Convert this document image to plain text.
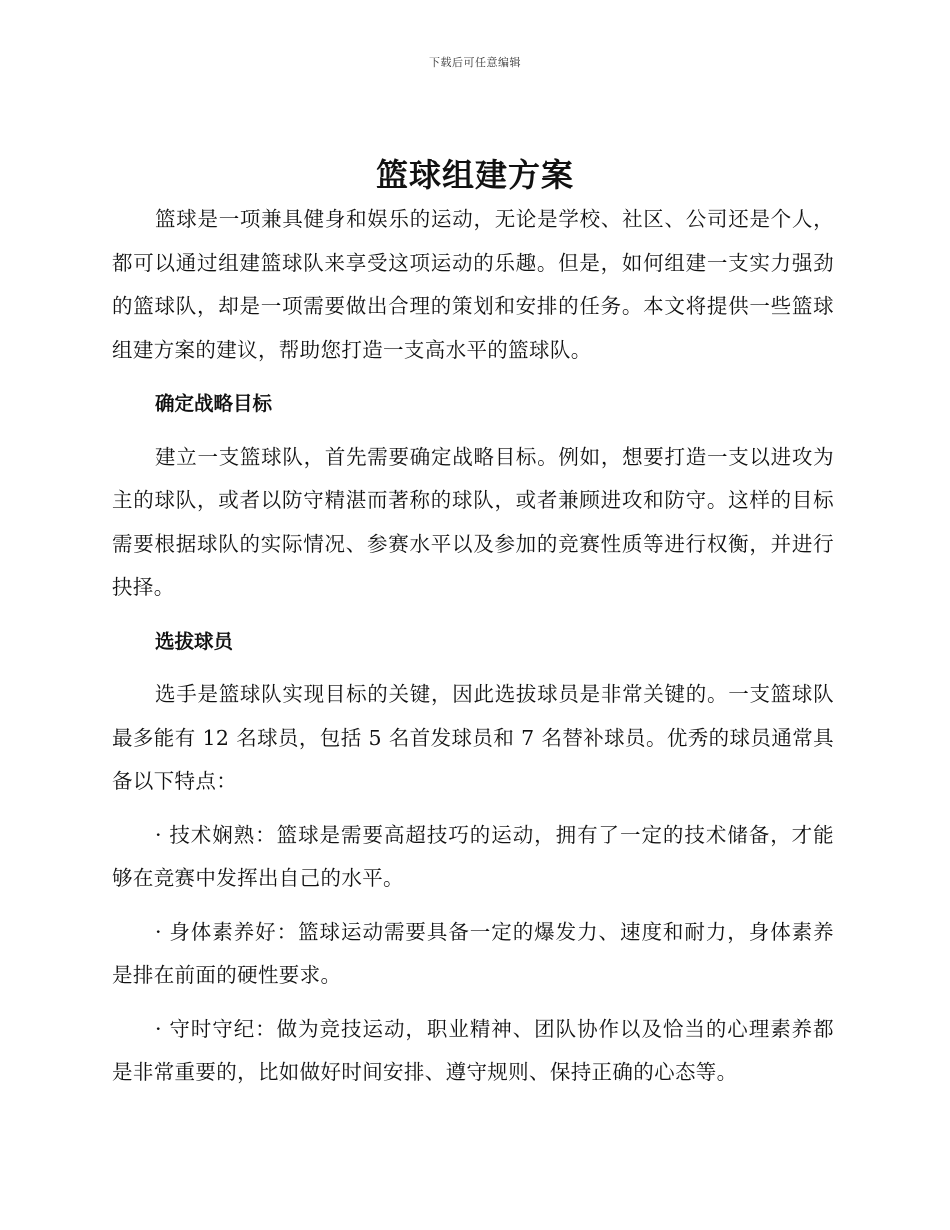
下载后可任意编辑
篮球组建方案

篮球是一项兼具健身和娱乐的运动，无论是学校、社区、公司还是个人，都可以通过组建篮球队来享受这项运动的乐趣。但是，如何组建一支实力强劲的篮球队，却是一项需要做出合理的策划和安排的任务。本文将提供一些篮球组建方案的建议，帮助您打造一支高水平的篮球队。

确定战略目标

建立一支篮球队，首先需要确定战略目标。例如，想要打造一支以进攻为主的球队，或者以防守精湛而著称的球队，或者兼顾进攻和防守。这样的目标需要根据球队的实际情况、参赛水平以及参加的竞赛性质等进行权衡，并进行抉择。

选拔球员

选手是篮球队实现目标的关键，因此选拔球员是非常关键的。一支篮球队最多能有 12 名球员，包括 5 名首发球员和 7 名替补球员。优秀的球员通常具备以下特点：

· 技术娴熟：篮球是需要高超技巧的运动，拥有了一定的技术储备，才能够在竞赛中发挥出自己的水平。

· 身体素养好：篮球运动需要具备一定的爆发力、速度和耐力，身体素养是排在前面的硬性要求。

· 守时守纪：做为竞技运动，职业精神、团队协作以及恰当的心理素养都是非常重要的，比如做好时间安排、遵守规则、保持正确的心态等。
